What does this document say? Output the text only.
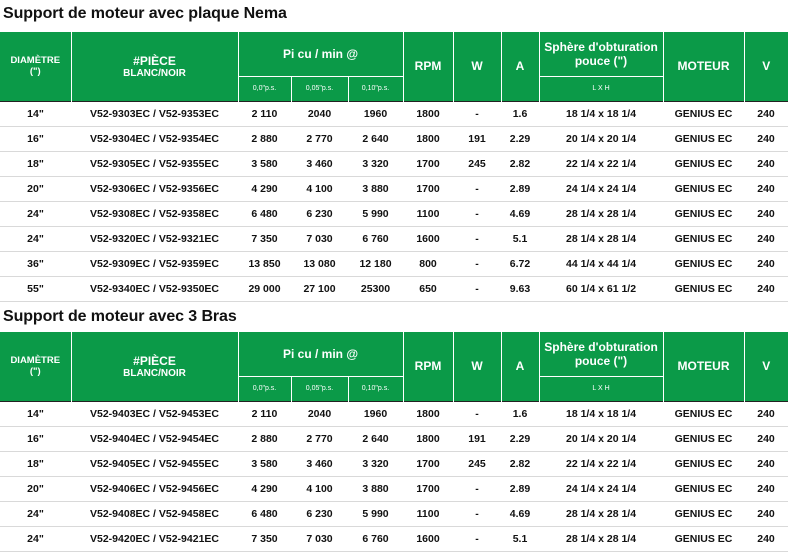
Support de moteur avec plaque Nema
DIAMÈTRE
(")	#PIÈCE
BLANC/NOIR	Pi cu / min @			RPM	W	A	Sphère d'obturation
pouce (")	MOTEUR	V

		0,0"p.s.	0,05"p.s.	0,10"p.s.				L X H		

14"	V52-9303EC / V52-9353EC	2 110	2040	1960	1800	-	1.6	18 1/4 x 18 1/4	GENIUS EC	240
16"	V52-9304EC / V52-9354EC	2 880	2 770	2 640	1800	191	2.29	20 1/4 x 20 1/4	GENIUS EC	240
18"	V52-9305EC / V52-9355EC	3 580	3 460	3 320	1700	245	2.82	22 1/4 x 22 1/4	GENIUS EC	240
20"	V52-9306EC / V52-9356EC	4 290	4 100	3 880	1700	-	2.89	24 1/4 x 24 1/4	GENIUS EC	240
24"	V52-9308EC / V52-9358EC	6 480	6 230	5 990	1100	-	4.69	28 1/4 x 28 1/4	GENIUS EC	240
24"	V52-9320EC / V52-9321EC	7 350	7 030	6 760	1600	-	5.1	28 1/4 x 28 1/4	GENIUS EC	240
36"	V52-9309EC / V52-9359EC	13 850	13 080	12 180	800	-	6.72	44 1/4 x 44 1/4	GENIUS EC	240
55"	V52-9340EC / V52-9350EC	29 000	27 100	25300	650	-	9.63	60 1/4 x 61 1/2	GENIUS EC	240
Support de moteur avec 3 Bras
DIAMÈTRE
(")	#PIÈCE
BLANC/NOIR	Pi cu / min @			RPM	W	A	Sphère d'obturation
pouce (")	MOTEUR	V

		0,0"p.s.	0,05"p.s.	0,10"p.s.				L X H		

14"	V52-9403EC / V52-9453EC	2 110	2040	1960	1800	-	1.6	18 1/4 x 18 1/4	GENIUS EC	240
16"	V52-9404EC / V52-9454EC	2 880	2 770	2 640	1800	191	2.29	20 1/4 x 20 1/4	GENIUS EC	240
18"	V52-9405EC / V52-9455EC	3 580	3 460	3 320	1700	245	2.82	22 1/4 x 22 1/4	GENIUS EC	240
20"	V52-9406EC / V52-9456EC	4 290	4 100	3 880	1700	-	2.89	24 1/4 x 24 1/4	GENIUS EC	240
24"	V52-9408EC / V52-9458EC	6 480	6 230	5 990	1100	-	4.69	28 1/4 x 28 1/4	GENIUS EC	240
24"	V52-9420EC / V52-9421EC	7 350	7 030	6 760	1600	-	5.1	28 1/4 x 28 1/4	GENIUS EC	240
